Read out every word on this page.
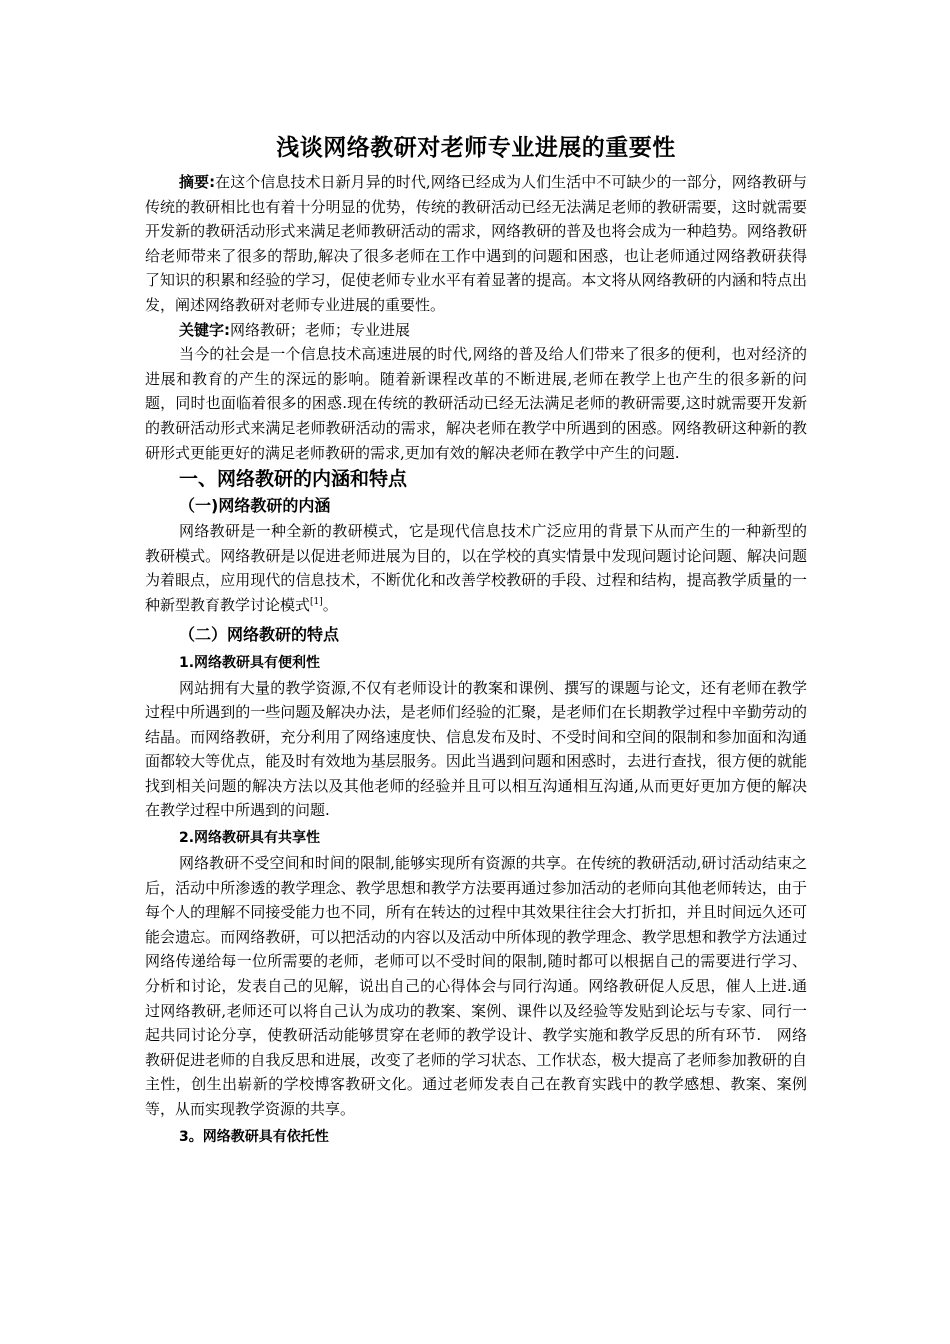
浅谈网络教研对老师专业进展的重要性

摘要:在这个信息技术日新月异的时代,网络已经成为人们生活中不可缺少的一部分，网络教研与传统的教研相比也有着十分明显的优势，传统的教研活动已经无法满足老师的教研需要，这时就需要开发新的教研活动形式来满足老师教研活动的需求，网络教研的普及也将会成为一种趋势。网络教研给老师带来了很多的帮助,解决了很多老师在工作中遇到的问题和困惑，也让老师通过网络教研获得了知识的积累和经验的学习，促使老师专业水平有着显著的提高。本文将从网络教研的内涵和特点出发，阐述网络教研对老师专业进展的重要性。

关键字:网络教研；老师；专业进展

当今的社会是一个信息技术高速进展的时代,网络的普及给人们带来了很多的便利，也对经济的进展和教育的产生的深远的影响。随着新课程改革的不断进展,老师在教学上也产生的很多新的问题，同时也面临着很多的困惑.现在传统的教研活动已经无法满足老师的教研需要,这时就需要开发新的教研活动形式来满足老师教研活动的需求，解决老师在教学中所遇到的困惑。网络教研这种新的教研形式更能更好的满足老师教研的需求,更加有效的解决老师在教学中产生的问题.

一、网络教研的内涵和特点
（一)网络教研的内涵

网络教研是一种全新的教研模式，它是现代信息技术广泛应用的背景下从而产生的一种新型的教研模式。网络教研是以促进老师进展为目的，以在学校的真实情景中发现问题讨论问题、解决问题为着眼点，应用现代的信息技术，不断优化和改善学校教研的手段、过程和结构，提高教学质量的一种新型教育教学讨论模式[1]。

（二）网络教研的特点
1.网络教研具有便利性

网站拥有大量的教学资源,不仅有老师设计的教案和课例、撰写的课题与论文，还有老师在教学过程中所遇到的一些问题及解决办法，是老师们经验的汇聚，是老师们在长期教学过程中辛勤劳动的结晶。而网络教研，充分利用了网络速度快、信息发布及时、不受时间和空间的限制和参加面和沟通面都较大等优点，能及时有效地为基层服务。因此当遇到问题和困惑时，去进行查找，很方便的就能找到相关问题的解决方法以及其他老师的经验并且可以相互沟通相互沟通,从而更好更加方便的解决在教学过程中所遇到的问题.

2.网络教研具有共享性

网络教研不受空间和时间的限制,能够实现所有资源的共享。在传统的教研活动,研讨活动结束之后，活动中所渗透的教学理念、教学思想和教学方法要再通过参加活动的老师向其他老师转达，由于每个人的理解不同接受能力也不同，所有在转达的过程中其效果往往会大打折扣，并且时间远久还可能会遗忘。而网络教研，可以把活动的内容以及活动中所体现的教学理念、教学思想和教学方法通过网络传递给每一位所需要的老师，老师可以不受时间的限制,随时都可以根据自己的需要进行学习、分析和讨论，发表自己的见解，说出自己的心得体会与同行沟通。网络教研促人反思，催人上进.通过网络教研,老师还可以将自己认为成功的教案、案例、课件以及经验等发贴到论坛与专家、同行一起共同讨论分享，使教研活动能够贯穿在老师的教学设计、教学实施和教学反思的所有环节.　网络教研促进老师的自我反思和进展，改变了老师的学习状态、工作状态，极大提高了老师参加教研的自主性，创生出崭新的学校博客教研文化。通过老师发表自己在教育实践中的教学感想、教案、案例等，从而实现教学资源的共享。

3。网络教研具有依托性
